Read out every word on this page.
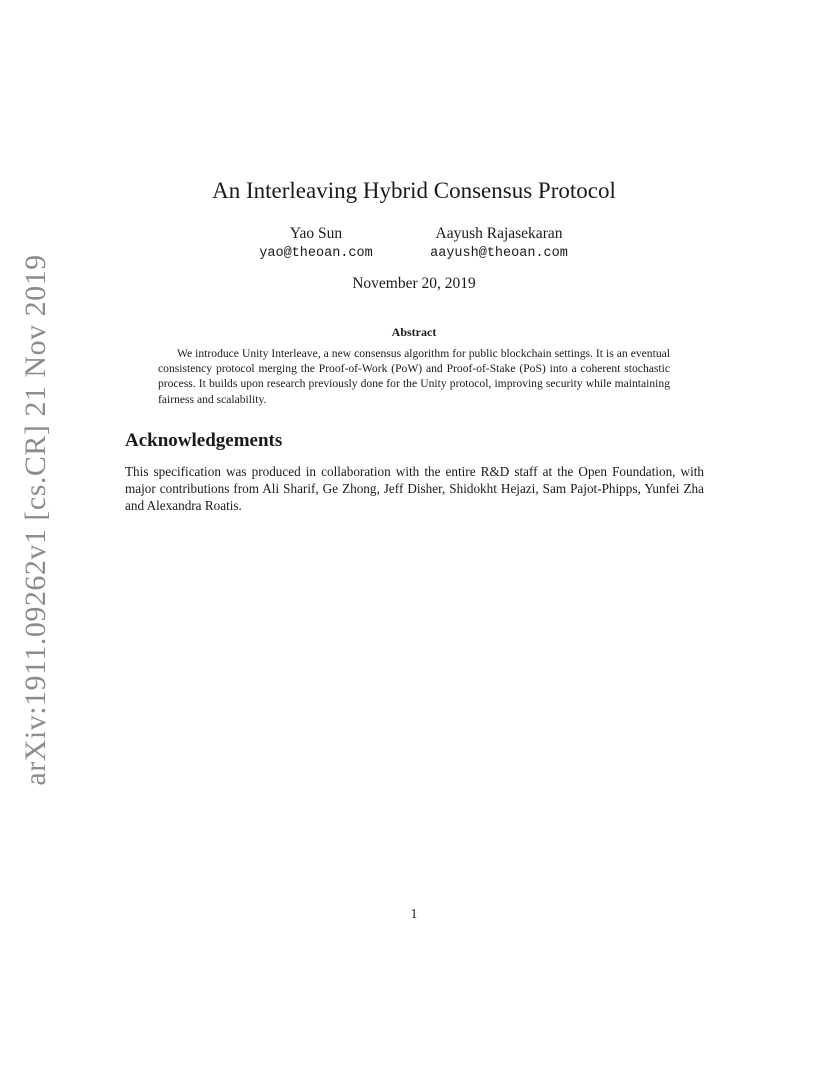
arXiv:1911.09262v1 [cs.CR] 21 Nov 2019
An Interleaving Hybrid Consensus Protocol
Yao Sun
yao@theoan.com
Aayush Rajasekaran
aayush@theoan.com
November 20, 2019
Abstract

We introduce Unity Interleave, a new consensus algorithm for public blockchain settings. It is an eventual consistency protocol merging the Proof-of-Work (PoW) and Proof-of-Stake (PoS) into a coherent stochastic process. It builds upon research previously done for the Unity protocol, improving security while maintaining fairness and scalability.

Acknowledgements

This specification was produced in collaboration with the entire R&D staff at the Open Foundation, with major contributions from Ali Sharif, Ge Zhong, Jeff Disher, Shidokht Hejazi, Sam Pajot-Phipps, Yunfei Zha and Alexandra Roatis.

1
